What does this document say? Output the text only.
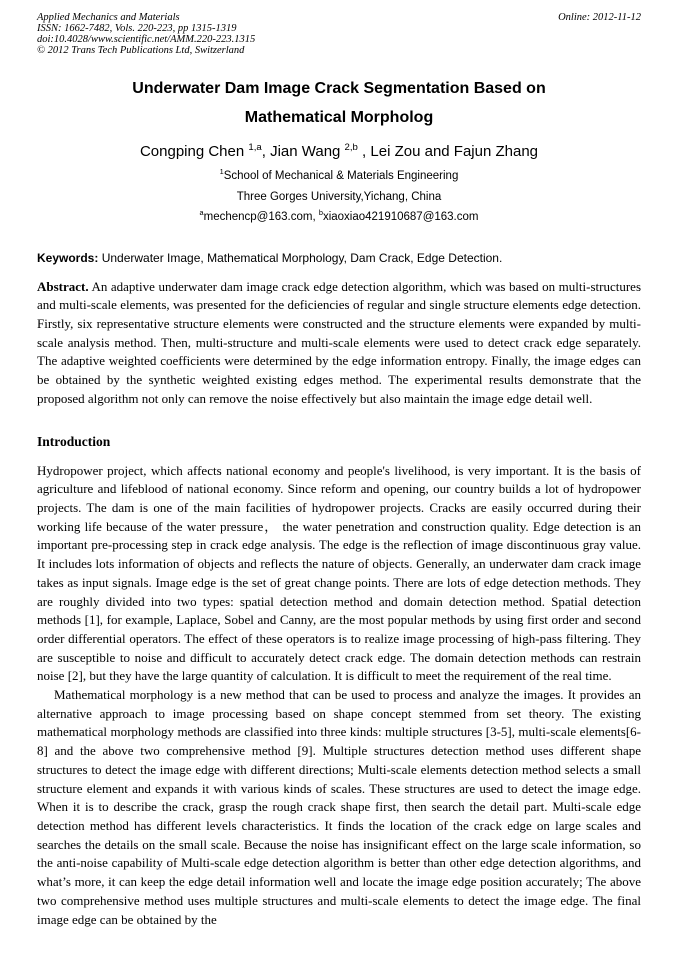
Applied Mechanics and Materials
ISSN: 1662-7482, Vols. 220-223, pp 1315-1319
doi:10.4028/www.scientific.net/AMM.220-223.1315
© 2012 Trans Tech Publications Ltd, Switzerland
Online: 2012-11-12
Underwater Dam Image Crack Segmentation Based on Mathematical Morpholog
Congping Chen $^{1,a}$, Jian Wang $^{2,b}$ , Lei Zou and Fajun Zhang
$^1$School of Mechanical & Materials Engineering
Three Gorges University,Yichang, China
$^a$mechencp@163.com, $^b$xiaoxiao421910687@163.com

Keywords: Underwater Image, Mathematical Morphology, Dam Crack, Edge Detection.

Abstract. An adaptive underwater dam image crack edge detection algorithm, which was based on multi-structures and multi-scale elements, was presented for the deficiencies of regular and single structure elements edge detection. Firstly, six representative structure elements were constructed and the structure elements were expanded by multi-scale analysis method. Then, multi-structure and multi-scale elements were used to detect crack edge separately. The adaptive weighted coefficients were determined by the edge information entropy. Finally, the image edges can be obtained by the synthetic weighted existing edges method. The experimental results demonstrate that the proposed algorithm not only can remove the noise effectively but also maintain the image edge detail well.

Introduction

Hydropower project, which affects national economy and people's livelihood, is very important. It is the basis of agriculture and lifeblood of national economy. Since reform and opening, our country builds a lot of hydropower projects. The dam is one of the main facilities of hydropower projects. Cracks are easily occurred during their working life because of the water pressure， the water penetration and construction quality. Edge detection is an important pre-processing step in crack edge analysis. The edge is the reflection of image discontinuous gray value. It includes lots information of objects and reflects the nature of objects. Generally, an underwater dam crack image takes as input signals. Image edge is the set of great change points. There are lots of edge detection methods. They are roughly divided into two types: spatial detection method and domain detection method. Spatial detection methods [1], for example, Laplace, Sobel and Canny, are the most popular methods by using first order and second order differential operators. The effect of these operators is to realize image processing of high-pass filtering. They are susceptible to noise and difficult to accurately detect crack edge. The domain detection methods can restrain noise [2], but they have the large quantity of calculation. It is difficult to meet the requirement of the real time.

Mathematical morphology is a new method that can be used to process and analyze the images. It provides an alternative approach to image processing based on shape concept stemmed from set theory. The existing mathematical morphology methods are classified into three kinds: multiple structures [3-5], multi-scale elements[6-8] and the above two comprehensive method [9]. Multiple structures detection method uses different shape structures to detect the image edge with different directions; Multi-scale elements detection method selects a small structure element and expands it with various kinds of scales. These structures are used to detect the image edge. When it is to describe the crack, grasp the rough crack shape first, then search the detail part. Multi-scale edge detection method has different levels characteristics. It finds the location of the crack edge on large scales and searches the details on the small scale. Because the noise has insignificant effect on the large scale information, so the anti-noise capability of Multi-scale edge detection algorithm is better than other edge detection algorithms, and what’s more, it can keep the edge detail information well and locate the image edge position accurately; The above two comprehensive method uses multiple structures and multi-scale elements to detect the image edge. The final image edge can be obtained by the
